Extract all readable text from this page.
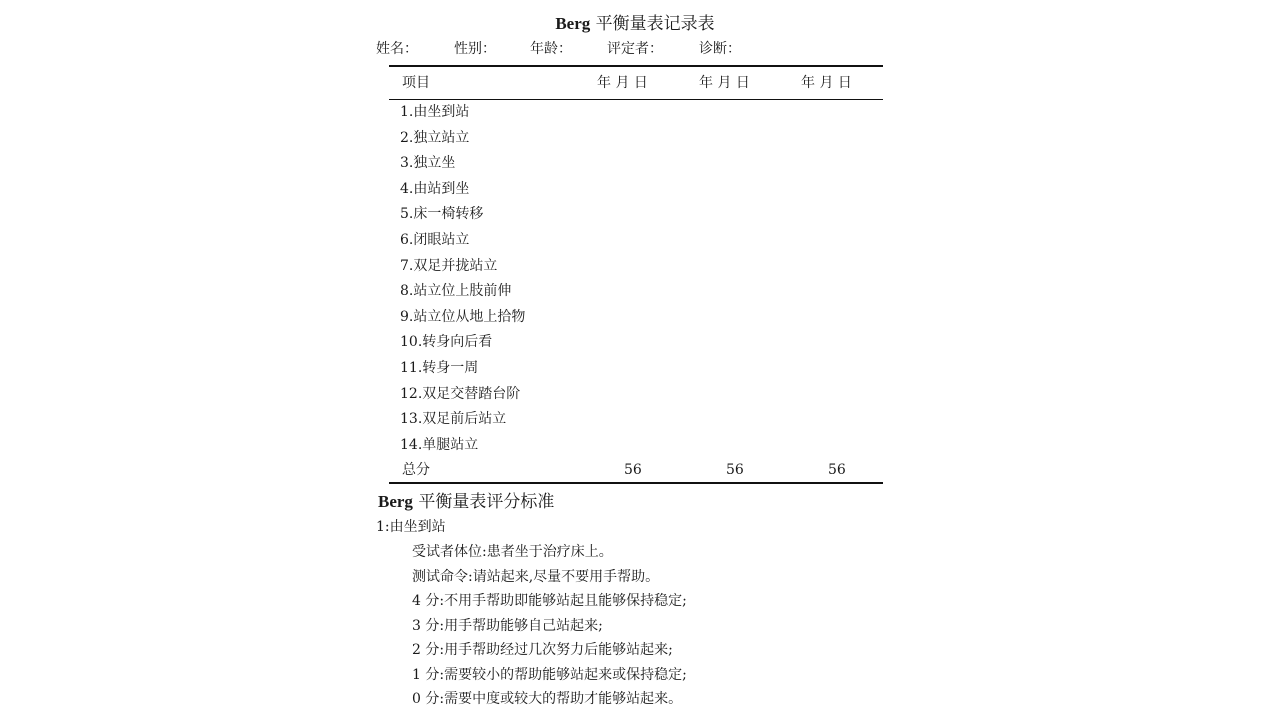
Berg 平衡量表记录表
姓名：	性别： 年龄：	评定者：	诊断：
项目	年 月 日	年 月 日	年 月 日
1.由坐到站
2.独立站立
3.独立坐
4.由站到坐
5.床一椅转移
6.闭眼站立
7.双足并拢站立
8.站立位上肢前伸
9.站立位从地上拾物
10.转身向后看
11.转身一周
12.双足交替踏台阶
13.双足前后站立
14.单腿站立
总分	56	56	56
Berg 平衡量表评分标准
1:由坐到站
受试者体位:患者坐于治疗床上。
测试命令:请站起来,尽量不要用手帮助。
4 分:不用手帮助即能够站起且能够保持稳定;
3 分:用手帮助能够自己站起来;
2 分:用手帮助经过几次努力后能够站起来;
1 分:需要较小的帮助能够站起来或保持稳定;
0 分:需要中度或较大的帮助才能够站起来。
